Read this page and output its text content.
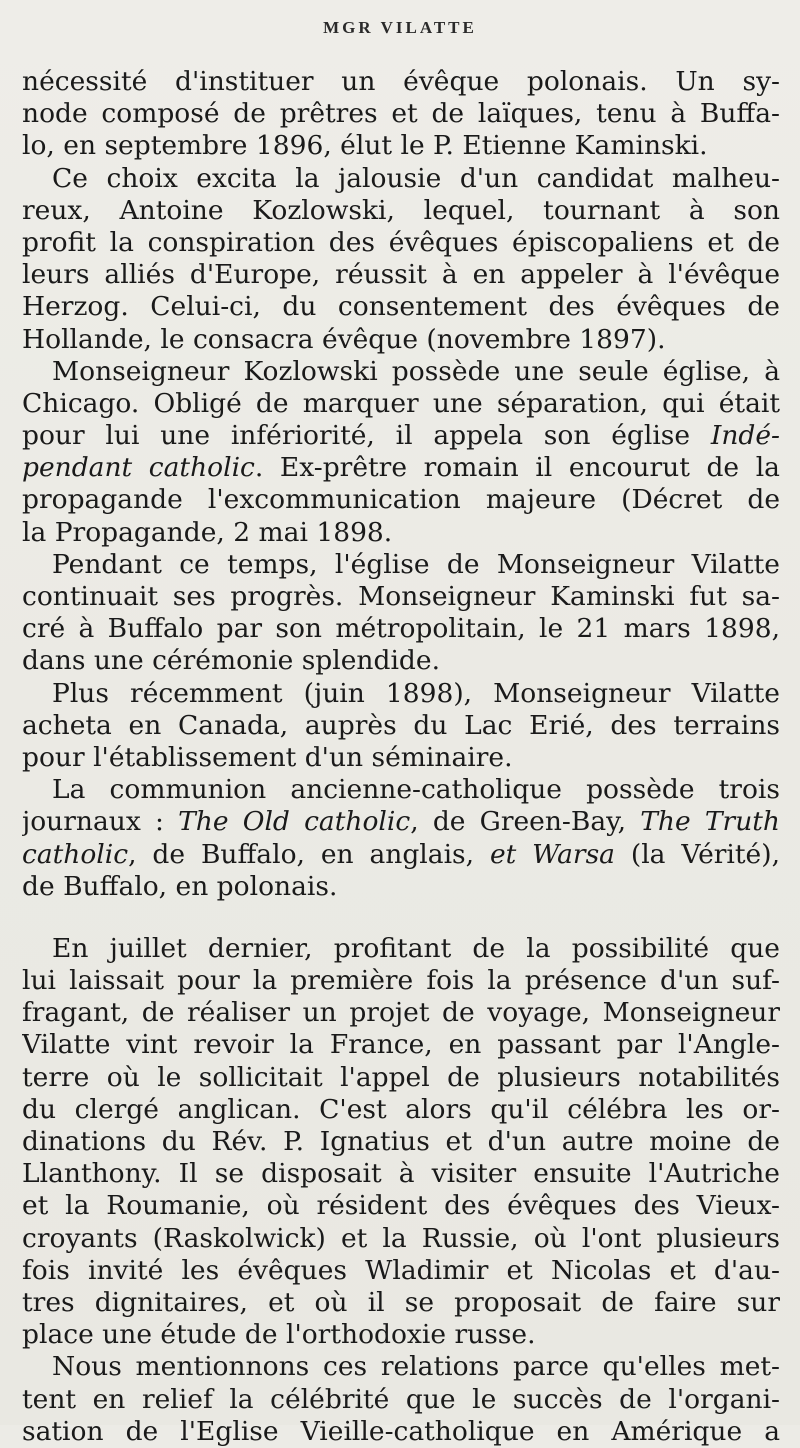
MGR VILATTE
nécessité d'instituer un évêque polonais. Un sy-
node composé de prêtres et de laïques, tenu à Buffa-
lo, en septembre 1896, élut le P. Etienne Kaminski.
Ce choix excita la jalousie d'un candidat malheu-
reux, Antoine Kozlowski, lequel, tournant à son
profit la conspiration des évêques épiscopaliens et de
leurs alliés d'Europe, réussit à en appeler à l'évêque
Herzog. Celui-ci, du consentement des évêques de
Hollande, le consacra évêque (novembre 1897).
Monseigneur Kozlowski possède une seule église, à
Chicago. Obligé de marquer une séparation, qui était
pour lui une infériorité, il appela son église Indé-
pendant catholic. Ex-prêtre romain il encourut de la
propagande l'excommunication majeure (Décret de
la Propagande, 2 mai 1898.
Pendant ce temps, l'église de Monseigneur Vilatte
continuait ses progrès. Monseigneur Kaminski fut sa-
cré à Buffalo par son métropolitain, le 21 mars 1898,
dans une cérémonie splendide.
Plus récemment (juin 1898), Monseigneur Vilatte
acheta en Canada, auprès du Lac Erié, des terrains
pour l'établissement d'un séminaire.
La communion ancienne-catholique possède trois
journaux : The Old catholic, de Green-Bay, The Truth
catholic, de Buffalo, en anglais, et Warsa (la Vérité),
de Buffalo, en polonais.
En juillet dernier, profitant de la possibilité que
lui laissait pour la première fois la présence d'un suf-
fragant, de réaliser un projet de voyage, Monseigneur
Vilatte vint revoir la France, en passant par l'Angle-
terre où le sollicitait l'appel de plusieurs notabilités
du clergé anglican. C'est alors qu'il célébra les or-
dinations du Rév. P. Ignatius et d'un autre moine de
Llanthony. Il se disposait à visiter ensuite l'Autriche
et la Roumanie, où résident des évêques des Vieux-
croyants (Raskolwick) et la Russie, où l'ont plusieurs
fois invité les évêques Wladimir et Nicolas et d'au-
tres dignitaires, et où il se proposait de faire sur
place une étude de l'orthodoxie russe.
Nous mentionnons ces relations parce qu'elles met-
tent en relief la célébrité que le succès de l'organi-
sation de l'Eglise Vieille-catholique en Amérique a
